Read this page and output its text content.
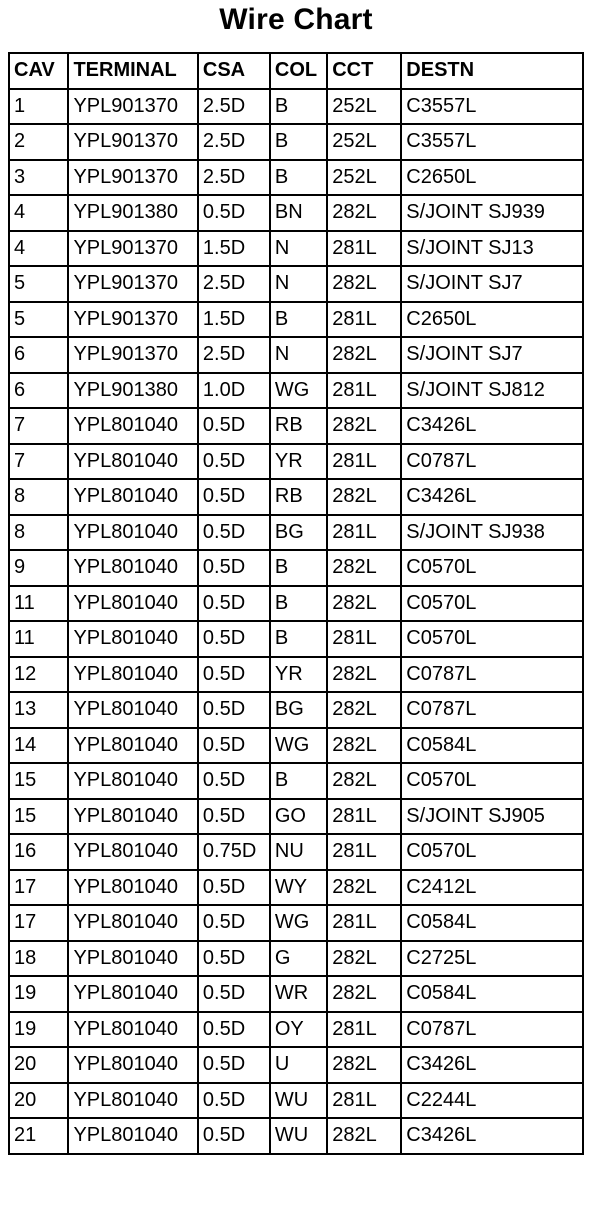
Wire Chart
CAV	TERMINAL	CSA	COL	CCT	DESTN
1	YPL901370	2.5D	B	252L	C3557L
2	YPL901370	2.5D	B	252L	C3557L
3	YPL901370	2.5D	B	252L	C2650L
4	YPL901380	0.5D	BN	282L	S/JOINT SJ939
4	YPL901370	1.5D	N	281L	S/JOINT SJ13
5	YPL901370	2.5D	N	282L	S/JOINT SJ7
5	YPL901370	1.5D	B	281L	C2650L
6	YPL901370	2.5D	N	282L	S/JOINT SJ7
6	YPL901380	1.0D	WG	281L	S/JOINT SJ812
7	YPL801040	0.5D	RB	282L	C3426L
7	YPL801040	0.5D	YR	281L	C0787L
8	YPL801040	0.5D	RB	282L	C3426L
8	YPL801040	0.5D	BG	281L	S/JOINT SJ938
9	YPL801040	0.5D	B	282L	C0570L
11	YPL801040	0.5D	B	282L	C0570L
11	YPL801040	0.5D	B	281L	C0570L
12	YPL801040	0.5D	YR	282L	C0787L
13	YPL801040	0.5D	BG	282L	C0787L
14	YPL801040	0.5D	WG	282L	C0584L
15	YPL801040	0.5D	B	282L	C0570L
15	YPL801040	0.5D	GO	281L	S/JOINT SJ905
16	YPL801040	0.75D	NU	281L	C0570L
17	YPL801040	0.5D	WY	282L	C2412L
17	YPL801040	0.5D	WG	281L	C0584L
18	YPL801040	0.5D	G	282L	C2725L
19	YPL801040	0.5D	WR	282L	C0584L
19	YPL801040	0.5D	OY	281L	C0787L
20	YPL801040	0.5D	U	282L	C3426L
20	YPL801040	0.5D	WU	281L	C2244L
21	YPL801040	0.5D	WU	282L	C3426L
